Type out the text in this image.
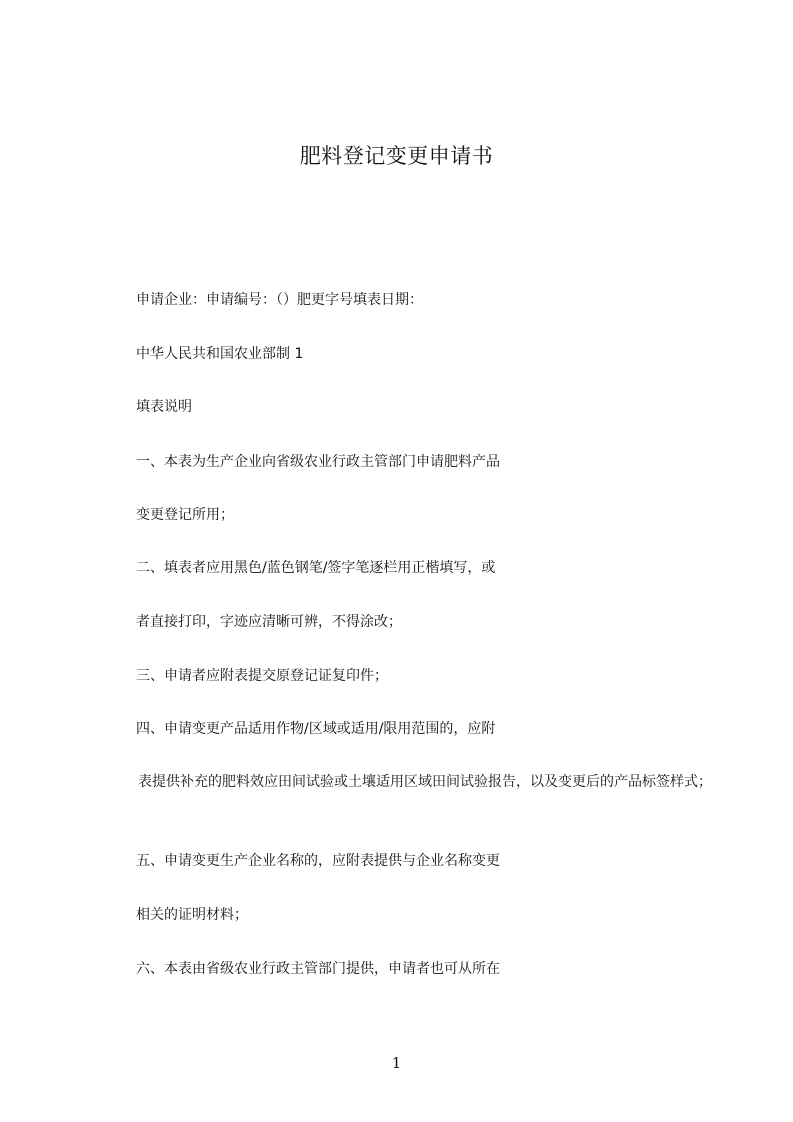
肥料登记变更申请书
申请企业：申请编号：（）肥更字号填表日期：
中华人民共和国农业部制 1
填表说明
一、本表为生产企业向省级农业行政主管部门申请肥料产品
变更登记所用；
二、填表者应用黑色/蓝色钢笔/签字笔逐栏用正楷填写，或
者直接打印，字迹应清晰可辨，不得涂改；
三、申请者应附表提交原登记证复印件；
四、申请变更产品适用作物/区域或适用/限用范围的，应附
表提供补充的肥料效应田间试验或土壤适用区域田间试验报告，以及变更后的产品标签样式；
五、申请变更生产企业名称的，应附表提供与企业名称变更
相关的证明材料；
六、本表由省级农业行政主管部门提供，申请者也可从所在
1
